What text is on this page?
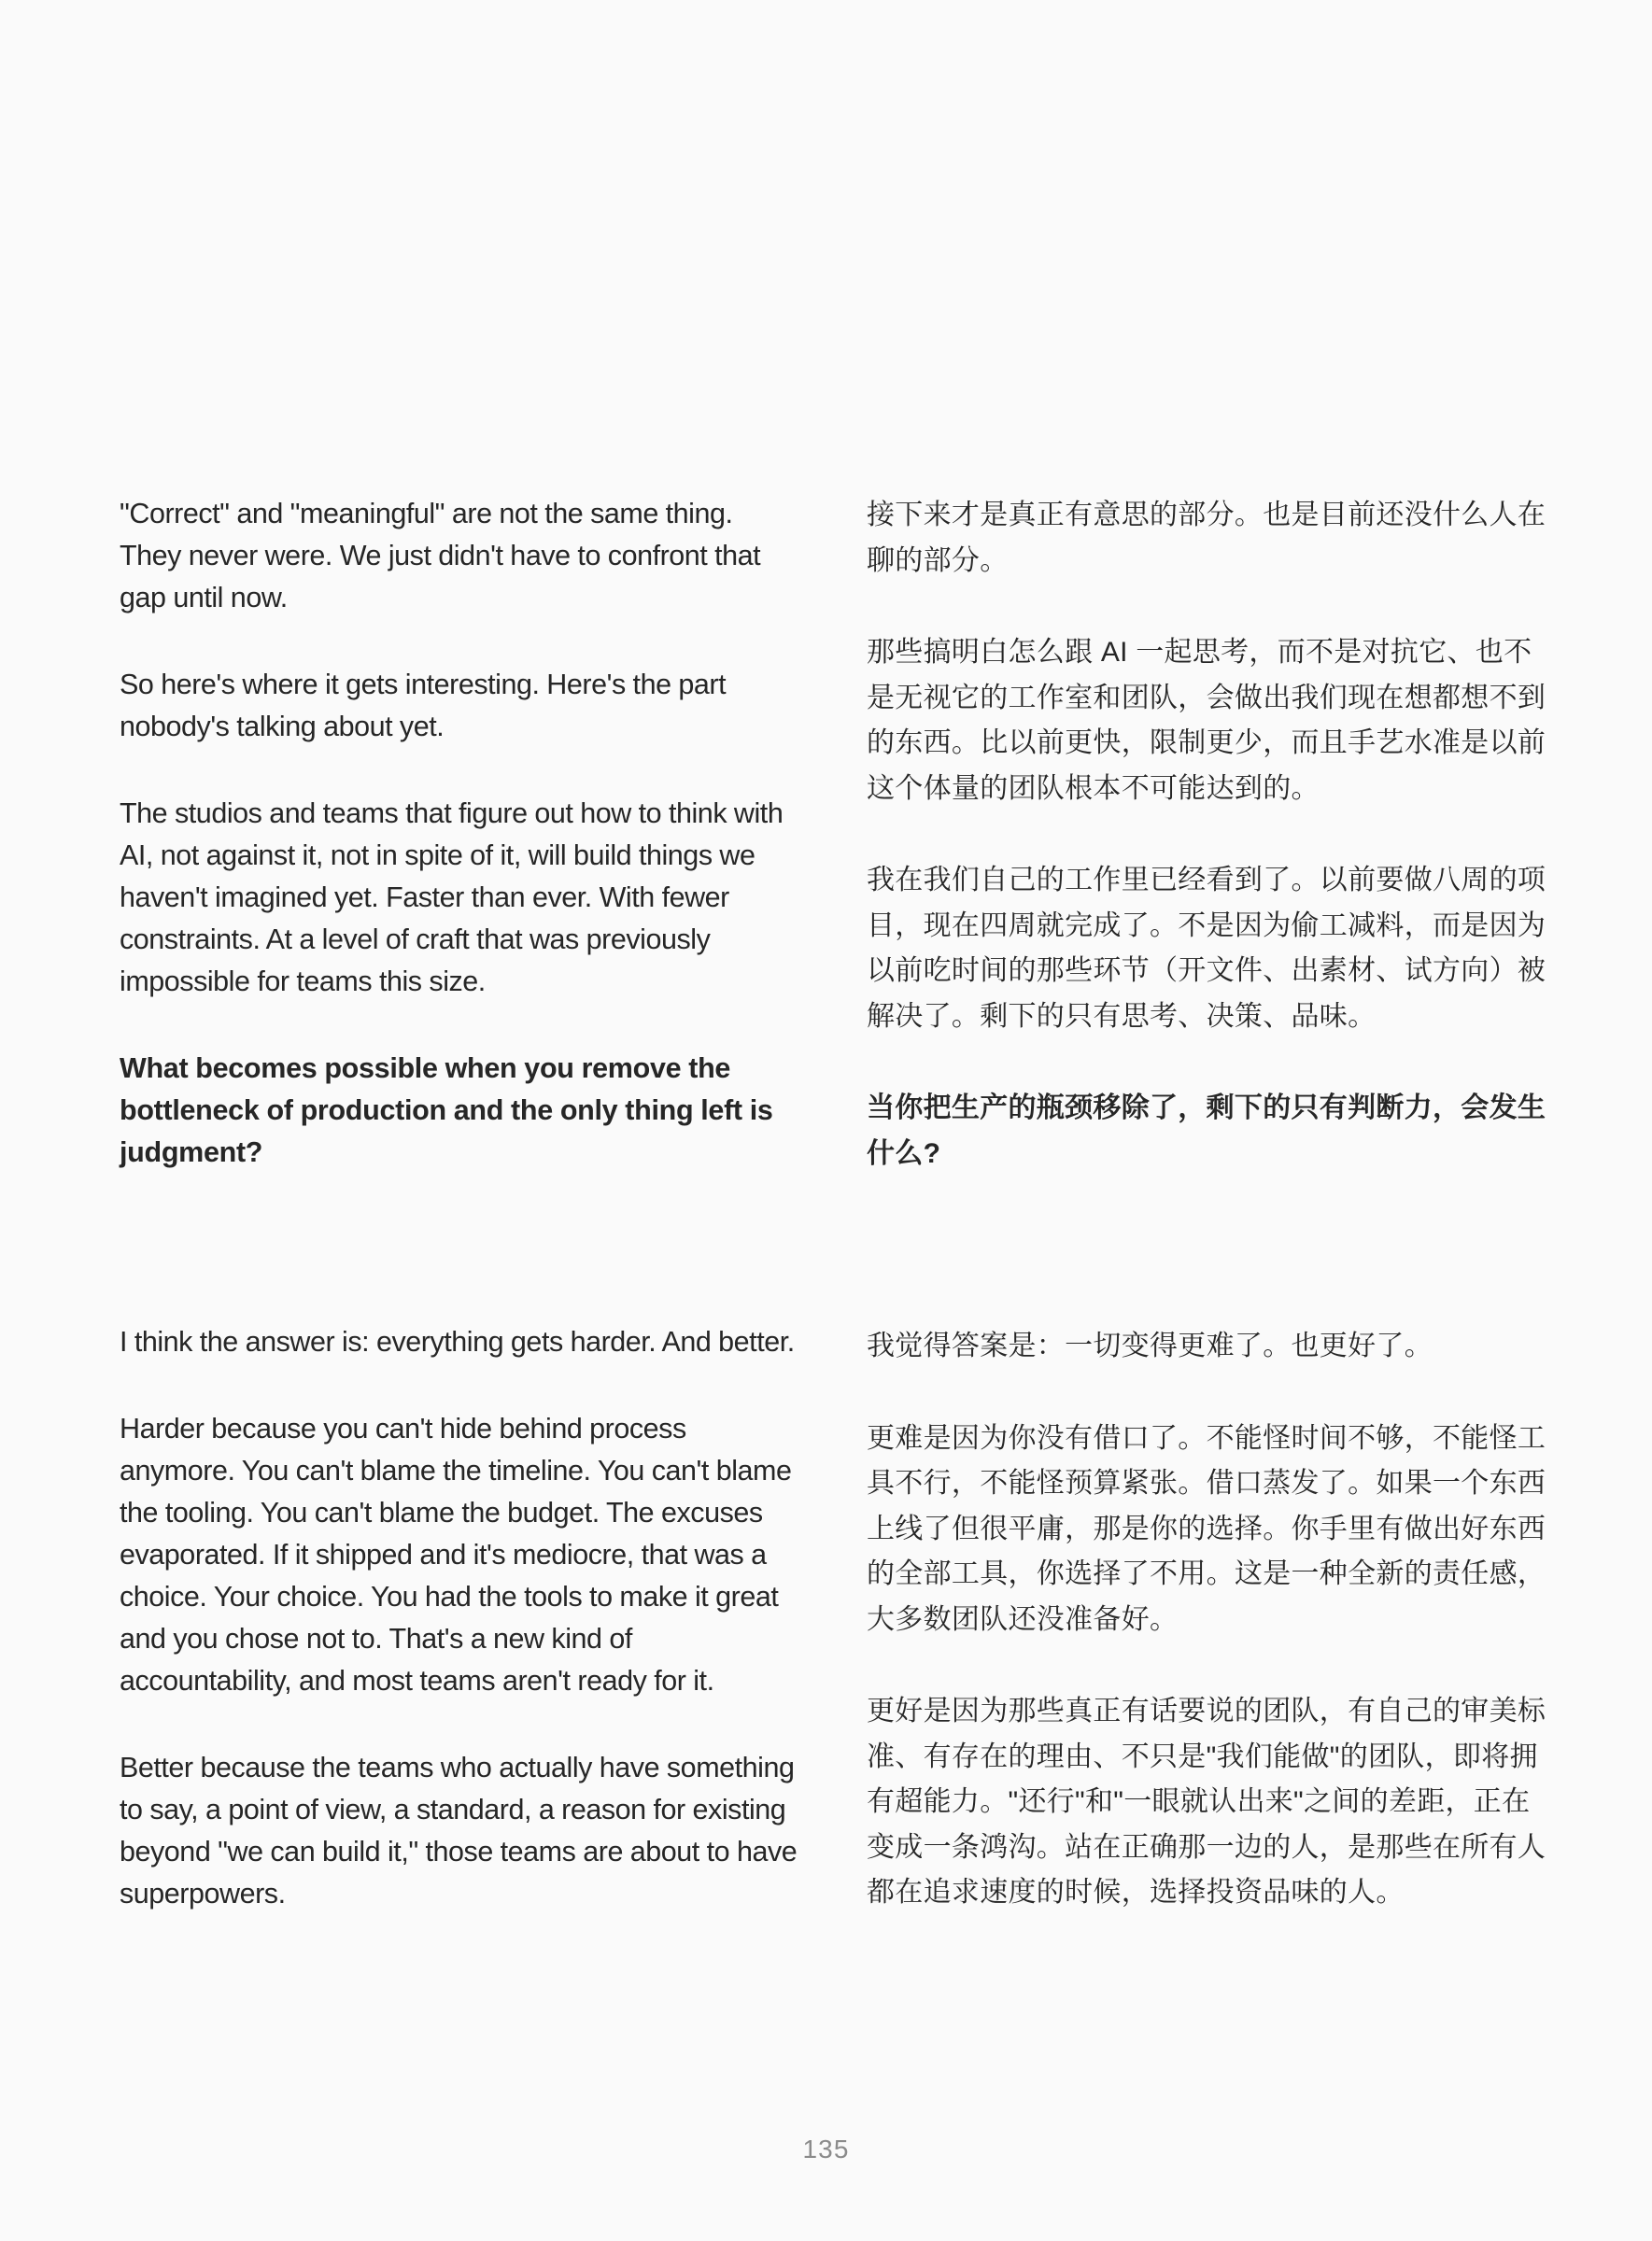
"Correct" and "meaningful" are not the same thing. They never were. We just didn't have to confront that gap until now.

So here's where it gets interesting. Here's the part nobody's talking about yet.

The studios and teams that figure out how to think with AI, not against it, not in spite of it, will build things we haven't imagined yet. Faster than ever. With fewer constraints. At a level of craft that was previously impossible for teams this size.

What becomes possible when you remove the bottleneck of production and the only thing left is judgment?

I think the answer is: everything gets harder. And better.

Harder because you can't hide behind process anymore. You can't blame the timeline. You can't blame the tooling. You can't blame the budget. The excuses evaporated. If it shipped and it's mediocre, that was a choice. Your choice. You had the tools to make it great and you chose not to. That's a new kind of accountability, and most teams aren't ready for it.

Better because the teams who actually have something to say, a point of view, a standard, a reason for existing beyond "we can build it," those teams are about to have superpowers.

接下来才是真正有意思的部分。也是目前还没什么人在聊的部分。

那些搞明白怎么跟 AI 一起思考，而不是对抗它、也不是无视它的工作室和团队，会做出我们现在想都想不到的东西。比以前更快，限制更少，而且手艺水准是以前这个体量的团队根本不可能达到的。

我在我们自己的工作里已经看到了。以前要做八周的项目，现在四周就完成了。不是因为偷工减料，而是因为以前吃时间的那些环节（开文件、出素材、试方向）被解决了。剩下的只有思考、决策、品味。

当你把生产的瓶颈移除了，剩下的只有判断力，会发生什么?

我觉得答案是：一切变得更难了。也更好了。

更难是因为你没有借口了。不能怪时间不够，不能怪工具不行，不能怪预算紧张。借口蒸发了。如果一个东西上线了但很平庸，那是你的选择。你手里有做出好东西的全部工具，你选择了不用。这是一种全新的责任感，大多数团队还没准备好。

更好是因为那些真正有话要说的团队，有自己的审美标准、有存在的理由、不只是"我们能做"的团队，即将拥有超能力。"还行"和"一眼就认出来"之间的差距，正在变成一条鸿沟。站在正确那一边的人，是那些在所有人都在追求速度的时候，选择投资品味的人。

135
